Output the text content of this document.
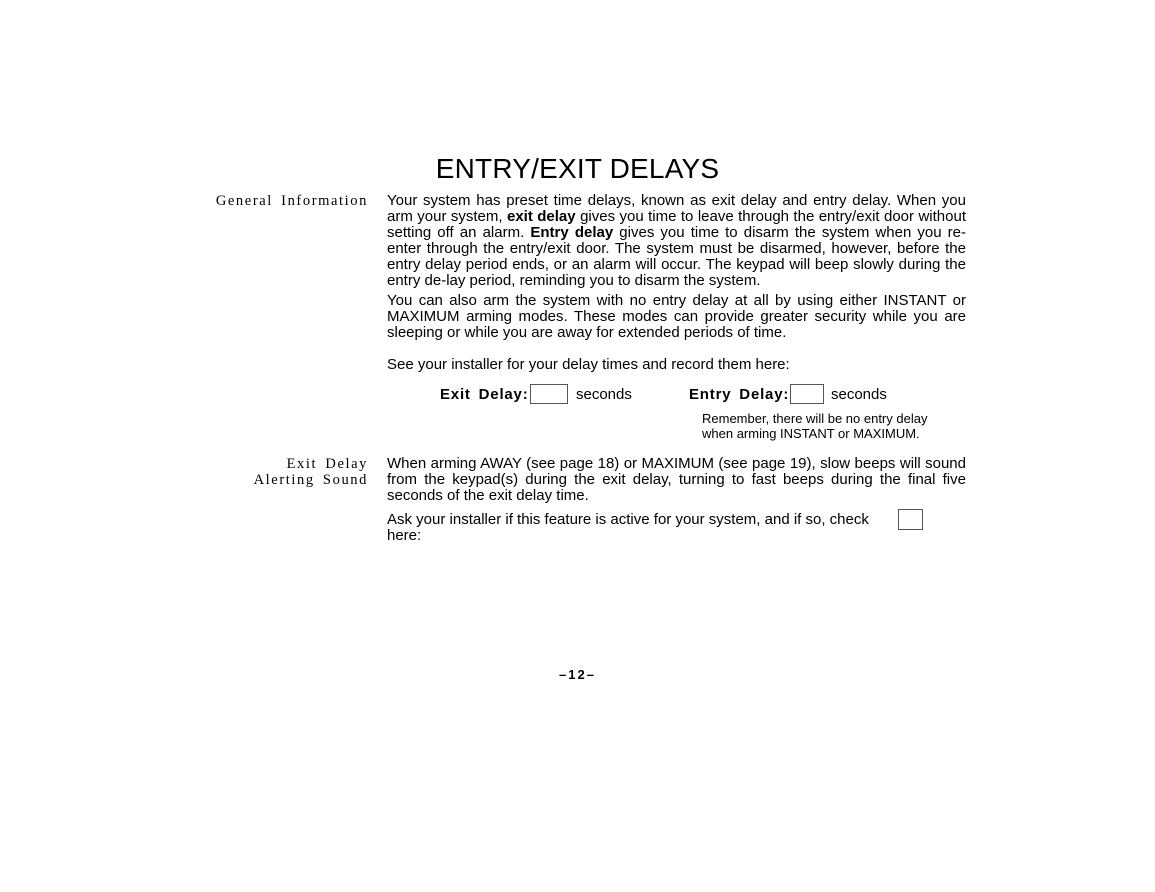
ENTRY/EXIT DELAYS
General Information Your system has preset time delays, known as exit delay and entry delay. When you arm your system, exit delay gives you time to leave through the entry/exit door without setting off an alarm. Entry delay gives you time to disarm the system when you re-enter through the entry/exit door. The system must be disarmed, however, before the entry delay period ends, or an alarm will occur. The keypad will beep slowly during the entry de-lay period, reminding you to disarm the system.

You can also arm the system with no entry delay at all by using either INSTANT or MAXIMUM arming modes. These modes can provide greater security while you are sleeping or while you are away for extended periods of time.

See your installer for your delay times and record them here:

Exit Delay:	seconds	Entry Delay:	seconds
Remember, there will be no entry delay
when arming INSTANT or MAXIMUM.
Exit Delay
Alerting Sound

When arming AWAY (see page 18) or MAXIMUM (see page 19), slow beeps will sound from the keypad(s) during the exit delay, turning to fast beeps during the final five seconds of the exit delay time.

Ask your installer if this feature is active for your system, and if so, check here:

–12–
